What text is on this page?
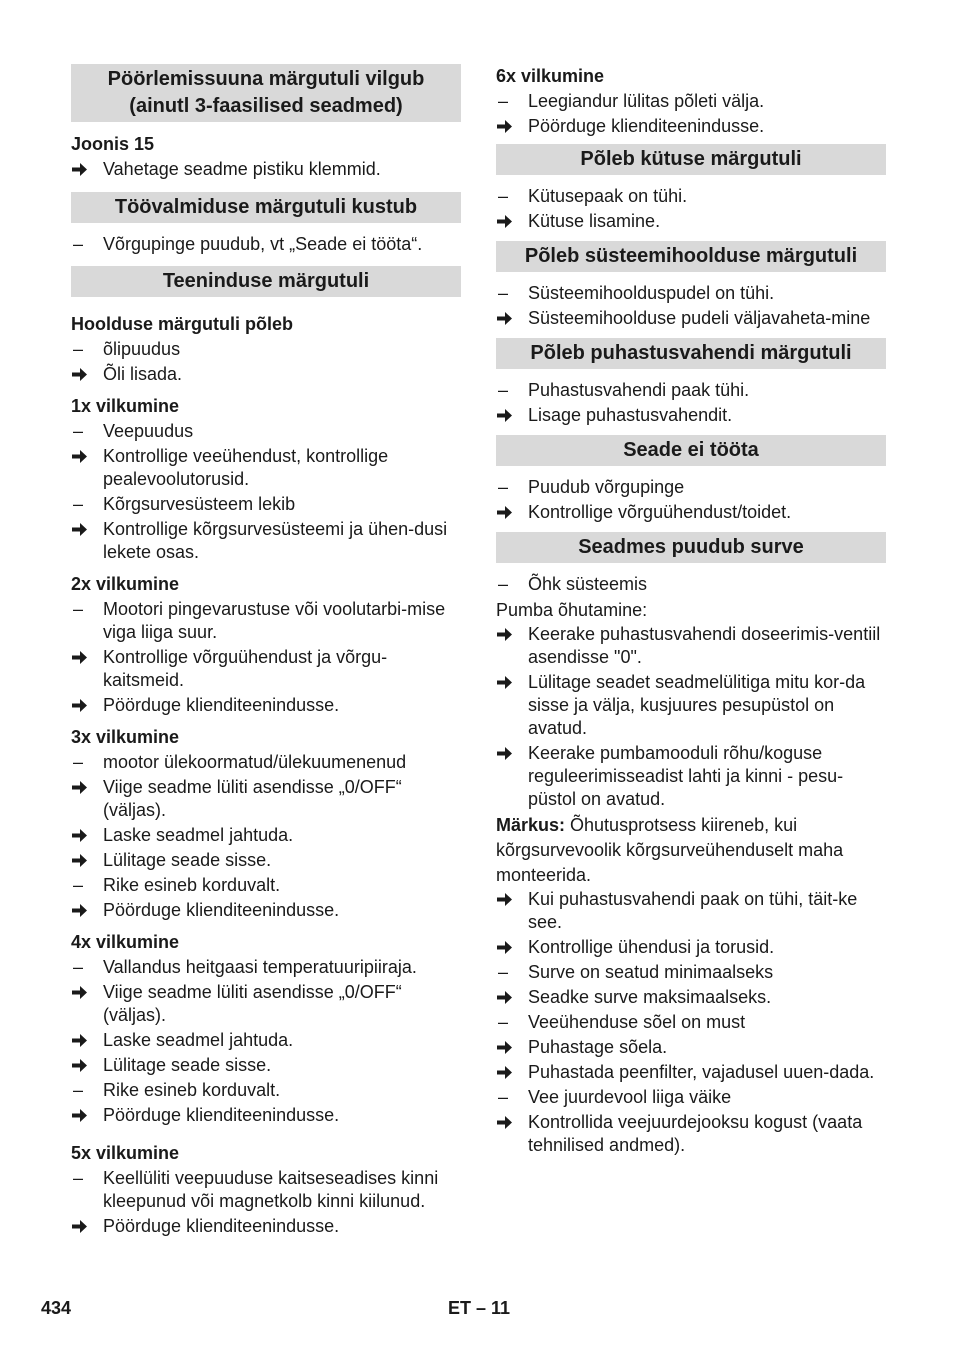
Pöörlemissuuna märgutuli vilgub (ainutl 3-faasilised seadmed)
Joonis 15
Vahetage seadme pistiku klemmid.
Töövalmiduse märgutuli kustub
–	Võrgupinge puudub, vt „Seade ei tööta“.
Teeninduse märgutuli
Hoolduse märgutuli põleb
–	õlipuudus
Õli lisada.
1x vilkumine
–	Veepuudus
Kontrollige veeühendust, kontrollige pealevoolutorusid.
–	Kõrgsurvesüsteem lekib
Kontrollige kõrgsurvesüsteemi ja ühen-dusi lekete osas.
2x vilkumine
–	Mootori pingevarustuse või voolutarbi-mise viga liiga suur.
Kontrollige võrguühendust ja võrgu-kaitsmeid.
Pöörduge klienditeenindusse.
3x vilkumine
–	mootor ülekoormatud/ülekuumenenud
Viige seadme lüliti asendisse „0/OFF“ (väljas).
Laske seadmel jahtuda.
Lülitage seade sisse.
–	Rike esineb korduvalt.
Pöörduge klienditeenindusse.
4x vilkumine
–	Vallandus heitgaasi temperatuuripiiraja.
Viige seadme lüliti asendisse „0/OFF“ (väljas).
Laske seadmel jahtuda.
Lülitage seade sisse.
–	Rike esineb korduvalt.
Pöörduge klienditeenindusse.
5x vilkumine
–	Keellüliti veepuuduse kaitseseadises kinni kleepunud või magnetkolb kinni kiilunud.
Pöörduge klienditeenindusse.
6x vilkumine
–	Leegiandur lülitas põleti välja.
Pöörduge klienditeenindusse.
Põleb kütuse märgutuli
–	Kütusepaak on tühi.
Kütuse lisamine.
Põleb süsteemihoolduse märgutuli
–	Süsteemihoolduspudel on tühi.
Süsteemihoolduse pudeli väljavaheta-mine
Põleb puhastusvahendi märgutuli
–	Puhastusvahendi paak tühi.
Lisage puhastusvahendit.
Seade ei tööta
–	Puudub võrgupinge
Kontrollige võrguühendust/toidet.
Seadmes puudub surve
–	Õhk süsteemis
Pumba õhutamine:
Keerake puhastusvahendi doseerimis-ventiil asendisse "0".
Lülitage seadet seadmelülitiga mitu kor-da sisse ja välja, kusjuures pesupüstol on avatud.
Keerake pumbamooduli rõhu/koguse reguleerimisseadist lahti ja kinni - pesu-püstol on avatud.
Märkus: Õhutusprotsess kiireneb, kui kõrgsurvevoolik kõrgsurveühenduselt maha monteerida.
Kui puhastusvahendi paak on tühi, täit-ke see.
Kontrollige ühendusi ja torusid.
–	Surve on seatud minimaalseks
Seadke surve maksimaalseks.
–	Veeühenduse sõel on must
Puhastage sõela.
Puhastada peenfilter, vajadusel uuen-dada.
–	Vee juurdevool liiga väike
Kontrollida veejuurdejooksu kogust (vaata tehnilised andmed).
434	ET – 11
